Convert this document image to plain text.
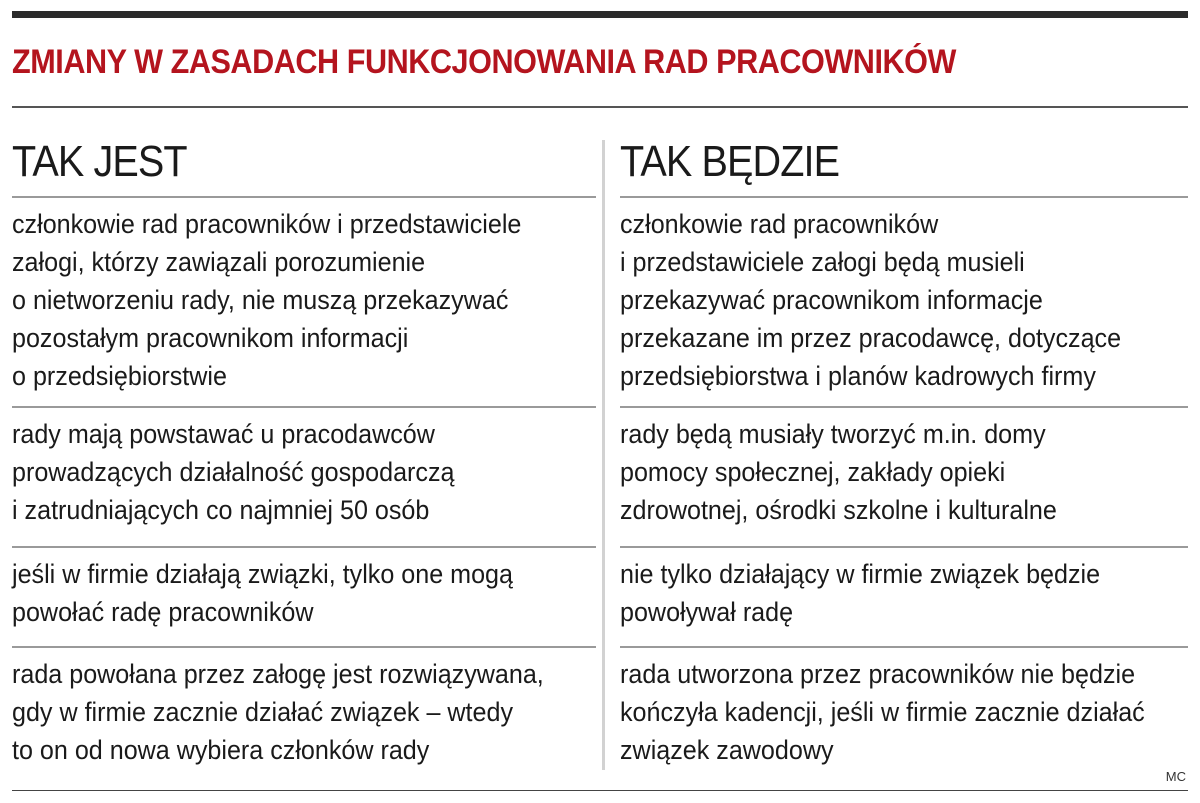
ZMIANY W ZASADACH FUNKCJONOWANIA RAD PRACOWNIKÓW
TAK JEST
członkowie rad pracowników i przedstawiciele
załogi, którzy zawiązali porozumienie
o nietworzeniu rady, nie muszą przekazywać
pozostałym pracownikom informacji
o przedsiębiorstwie
rady mają powstawać u pracodawców
prowadzących działalność gospodarczą
i zatrudniających co najmniej 50 osób
jeśli w firmie działają związki, tylko one mogą
powołać radę pracowników
rada powołana przez załogę jest rozwiązywana,
gdy w firmie zacznie działać związek – wtedy
to on od nowa wybiera członków rady
TAK BĘDZIE
członkowie rad pracowników
i przedstawiciele załogi będą musieli
przekazywać pracownikom informacje
przekazane im przez pracodawcę, dotyczące
przedsiębiorstwa i planów kadrowych firmy
rady będą musiały tworzyć m.in. domy
pomocy społecznej, zakłady opieki
zdrowotnej, ośrodki szkolne i kulturalne
nie tylko działający w firmie związek będzie
powoływał radę
rada utworzona przez pracowników nie będzie
kończyła kadencji, jeśli w firmie zacznie działać
związek zawodowy
MC
